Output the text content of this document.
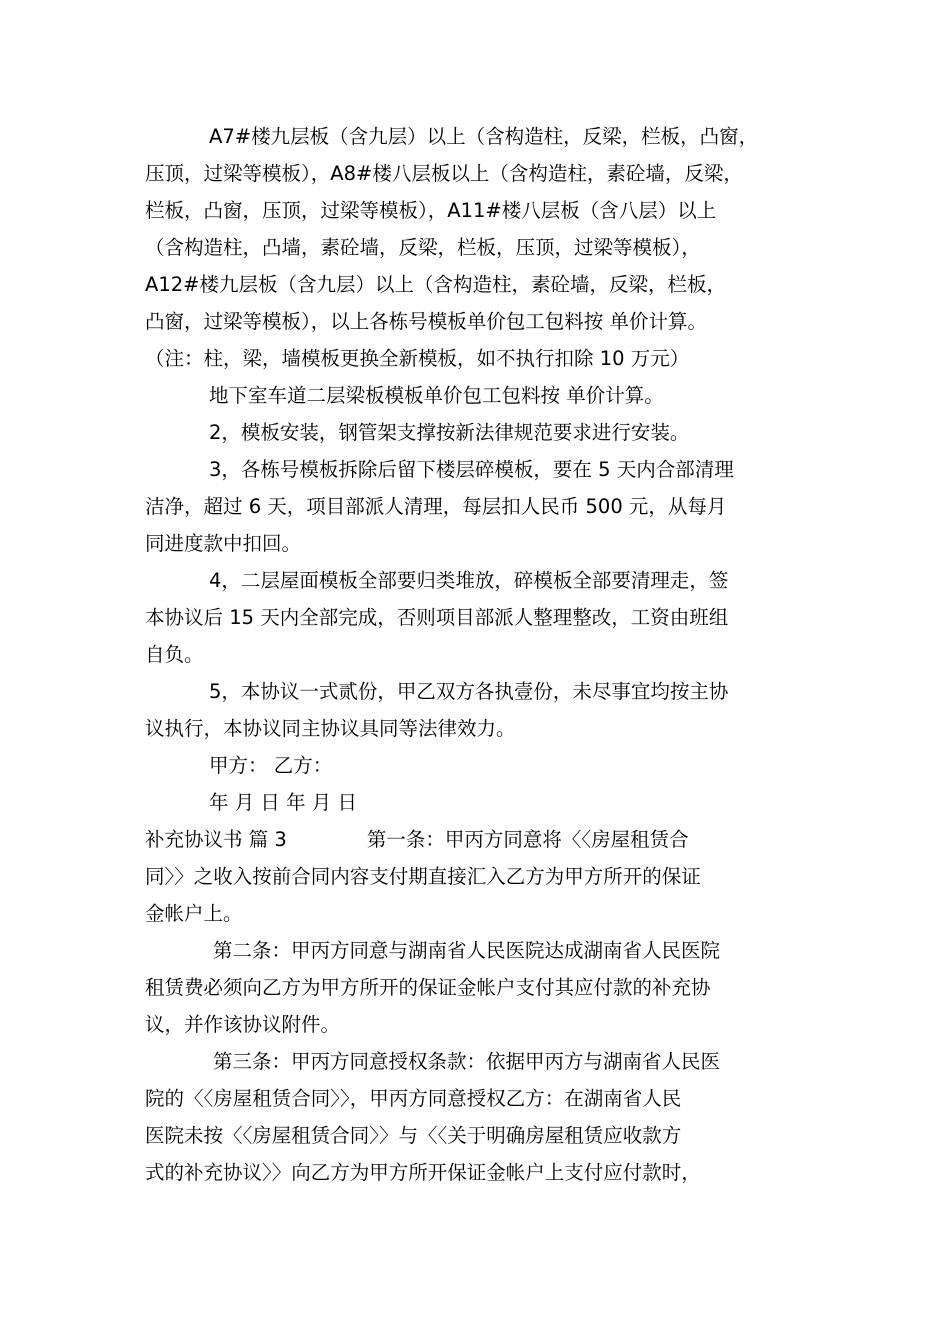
A7#楼九层板（含九层）以上（含构造柱，反梁，栏板，凸窗，
压顶，过梁等模板），A8#楼八层板以上（含构造柱，素砼墙，反梁，
栏板，凸窗，压顶，过梁等模板），A11#楼八层板（含八层）以上
（含构造柱，凸墙，素砼墙，反梁，栏板，压顶，过梁等模板），
A12#楼九层板（含九层）以上（含构造柱，素砼墙，反梁，栏板，
凸窗，过梁等模板），以上各栋号模板单价包工包料按 单价计算。
（注：柱，梁，墙模板更换全新模板，如不执行扣除 10 万元）
地下室车道二层梁板模板单价包工包料按 单价计算。
2，模板安装，钢管架支撑按新法律规范要求进行安装。
3，各栋号模板拆除后留下楼层碎模板，要在 5 天内合部清理
洁净，超过 6 天，项目部派人清理，每层扣人民币 500 元，从每月
同进度款中扣回。
4，二层屋面模板全部要归类堆放，碎模板全部要清理走，签
本协议后 15 天内全部完成，否则项目部派人整理整改，工资由班组
自负。
5，本协议一式贰份，甲乙双方各执壹份，未尽事宜均按主协
议执行，本协议同主协议具同等法律效力。
甲方： 乙方：
年 月 日 年 月 日
补充协议书 篇 3	第一条：甲丙方同意将〈〈房屋租赁合
同〉〉之收入按前合同内容支付期直接汇入乙方为甲方所开的保证
金帐户上。
第二条：甲丙方同意与湖南省人民医院达成湖南省人民医院
租赁费必须向乙方为甲方所开的保证金帐户支付其应付款的补充协
议，并作该协议附件。
第三条：甲丙方同意授权条款：依据甲丙方与湖南省人民医
院的〈〈房屋租赁合同〉〉，甲丙方同意授权乙方：在湖南省人民
医院未按〈〈房屋租赁合同〉〉与〈〈关于明确房屋租赁应收款方
式的补充协议〉〉向乙方为甲方所开保证金帐户上支付应付款时，
